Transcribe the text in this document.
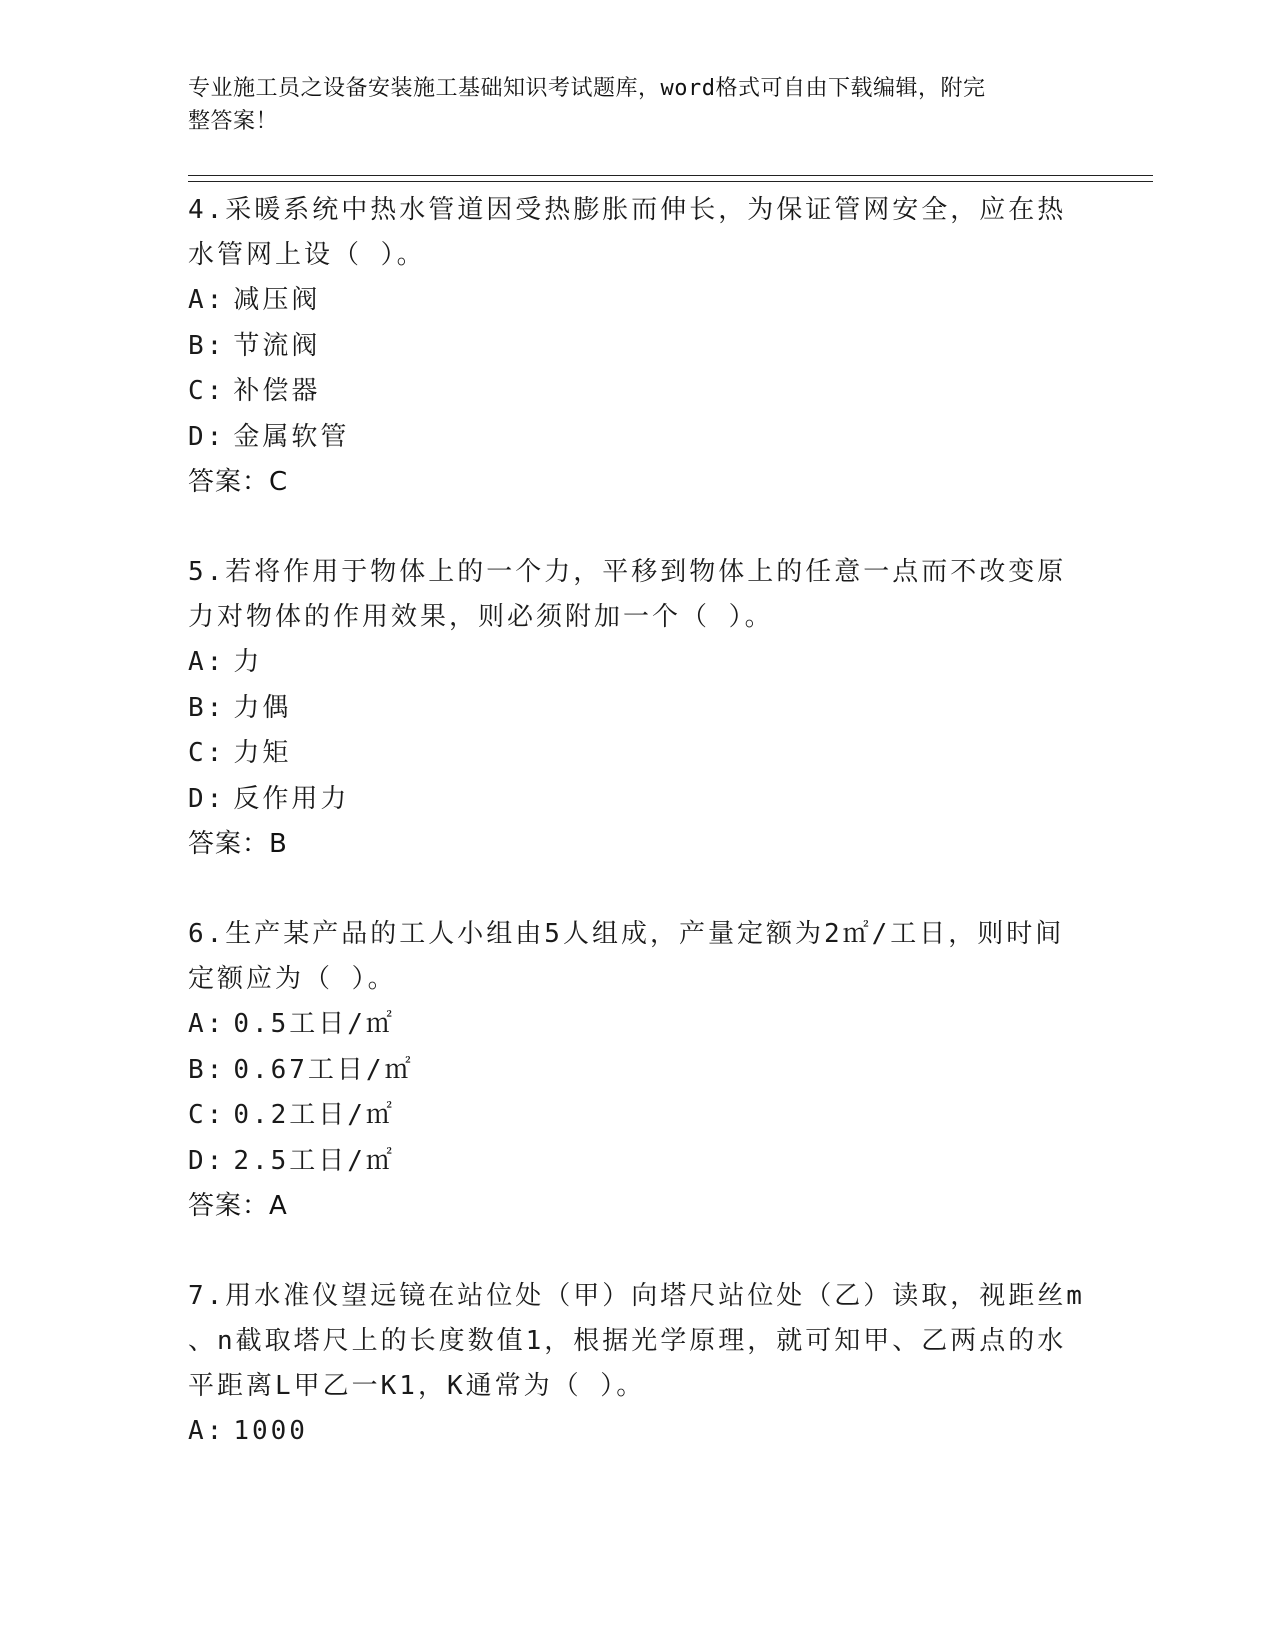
专业施工员之设备安装施工基础知识考试题库，word格式可自由下载编辑，附完
整答案！

4.采暖系统中热水管道因受热膨胀而伸长，为保证管网安全，应在热

水管网上设（ ）。

A: 减压阀

B: 节流阀

C: 补偿器

D: 金属软管

答案：C

5.若将作用于物体上的一个力，平移到物体上的任意一点而不改变原

力对物体的作用效果，则必须附加一个（ ）。

A: 力

B: 力偶

C: 力矩

D: 反作用力

答案：B

6.生产某产品的工人小组由5人组成，产量定额为2㎡/工日，则时间

定额应为（ ）。

A: 0.5工日/㎡

B: 0.67工日/㎡

C: 0.2工日/㎡

D: 2.5工日/㎡

答案：A

7.用水准仪望远镜在站位处（甲）向塔尺站位处（乙）读取，视距丝m

、n截取塔尺上的长度数值1，根据光学原理，就可知甲、乙两点的水

平距离L甲乙一K1，K通常为（ ）。

A: 1000
